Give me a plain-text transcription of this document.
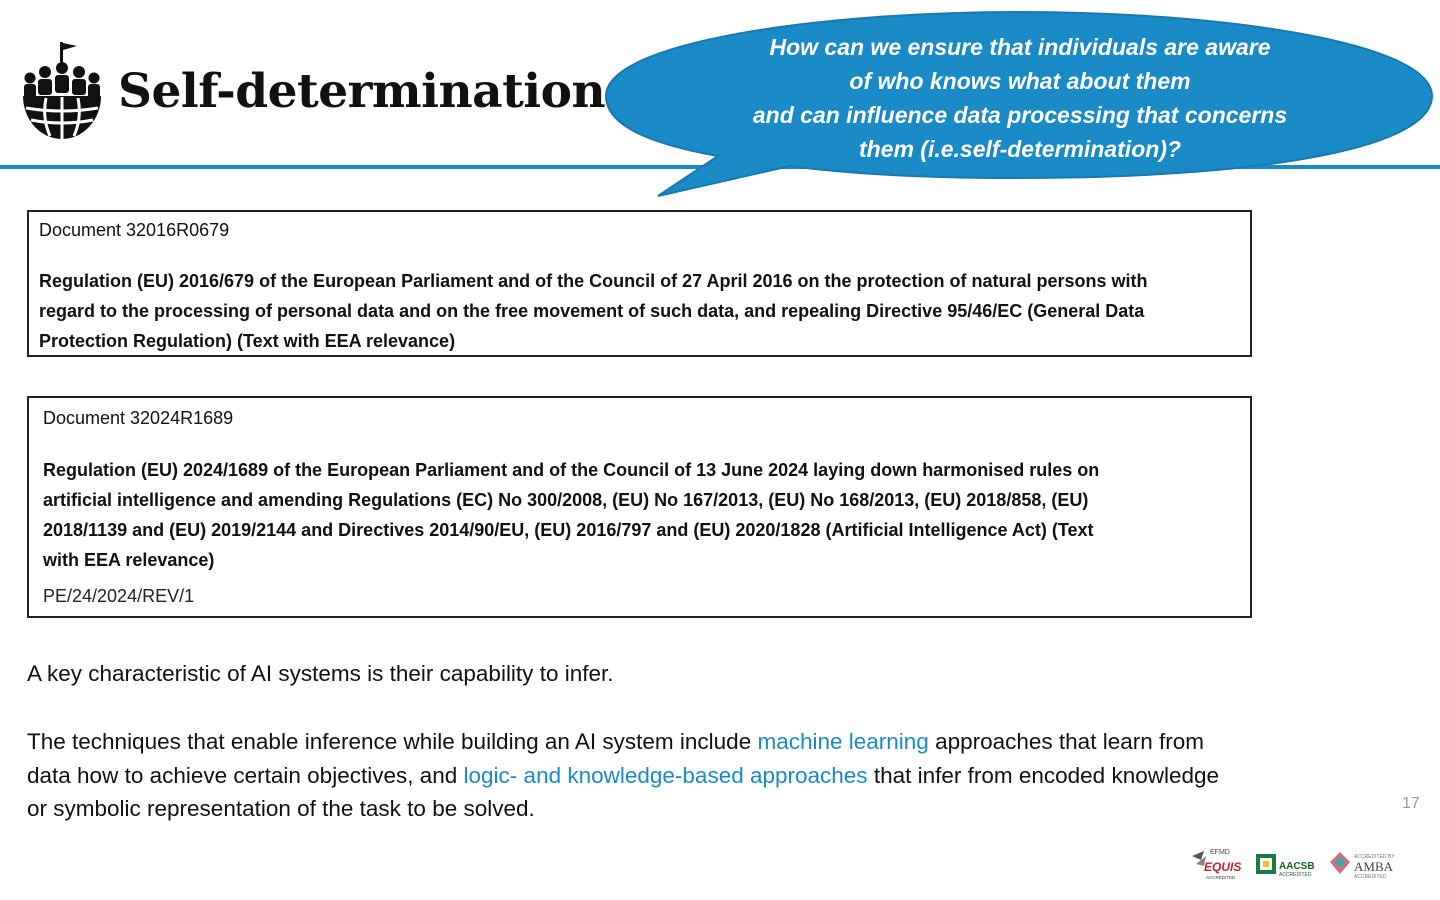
Self-determination
How can we ensure that individuals are aware
of who knows what about them
and can influence data processing that concerns
them (i.e.self-determination)?
Document 32016R0679
Regulation (EU) 2016/679 of the European Parliament and of the Council of 27 April 2016 on the protection of natural persons with
regard to the processing of personal data and on the free movement of such data, and repealing Directive 95/46/EC (General Data
Protection Regulation) (Text with EEA relevance)
Document 32024R1689
Regulation (EU) 2024/1689 of the European Parliament and of the Council of 13 June 2024 laying down harmonised rules on
artificial intelligence and amending Regulations (EC) No 300/2008, (EU) No 167/2013, (EU) No 168/2013, (EU) 2018/858, (EU)
2018/1139 and (EU) 2019/2144 and Directives 2014/90/EU, (EU) 2016/797 and (EU) 2020/1828 (Artificial Intelligence Act) (Text
with EEA relevance)
PE/24/2024/REV/1
A key characteristic of AI systems is their capability to infer.
The techniques that enable inference while building an AI system include machine learning approaches that learn from
data how to achieve certain objectives, and logic- and knowledge-based approaches that infer from encoded knowledge
or symbolic representation of the task to be solved.	17
EFMD
EQUIS
ACCREDITED
AACSB
ACCREDITED
ACCREDITED BY
AMBA
ACCREDITED
